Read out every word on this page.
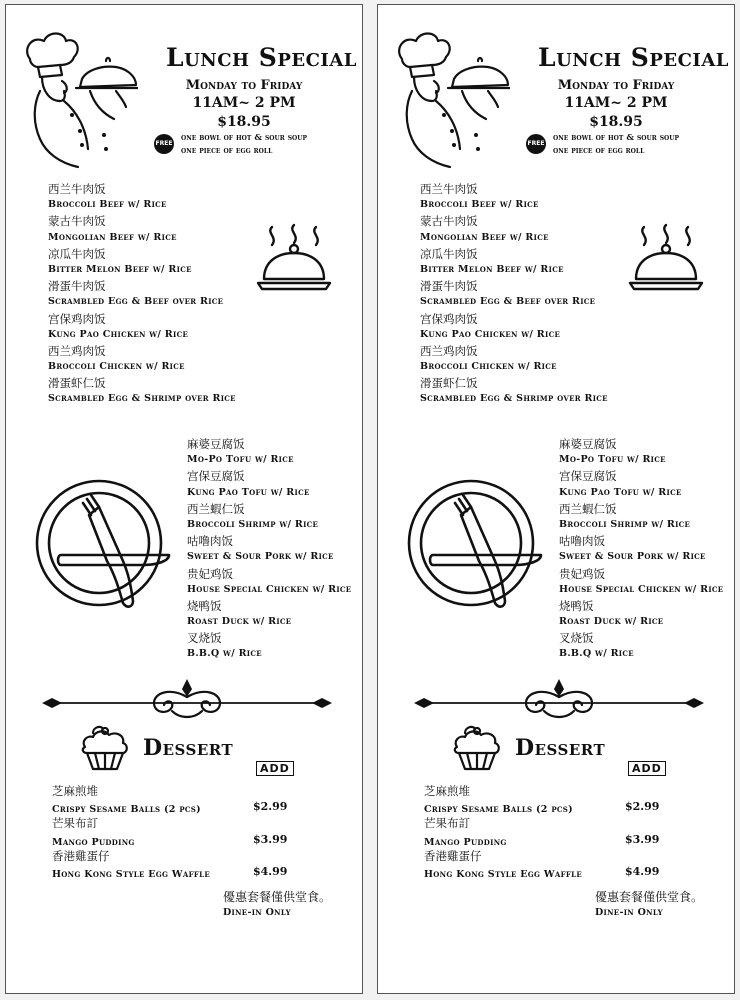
Lunch Special
Monday to Friday
11AM~ 2 PM
$18.95
FREE
one bowl of hot & sour soup
one piece of egg roll
西兰牛肉饭
Broccoli Beef w/ Rice
蒙古牛肉饭
Mongolian Beef w/ Rice
凉瓜牛肉饭
Bitter Melon Beef w/ Rice
滑蛋牛肉饭
Scrambled Egg & Beef over Rice
宫保鸡肉饭
Kung Pao Chicken w/ Rice
西兰鸡肉饭
Broccoli Chicken w/ Rice
滑蛋虾仁饭
Scrambled Egg & Shrimp over Rice
麻婆豆腐饭
Mo-Po Tofu w/ Rice
宫保豆腐饭
Kung Pao Tofu w/ Rice
西兰蝦仁饭
Broccoli Shrimp w/ Rice
咕噜肉饭
Sweet & Sour Pork w/ Rice
贵妃鸡饭
House Special Chicken w/ Rice
烧鸭饭
Roast Duck w/ Rice
叉烧饭
B.B.Q w/ Rice
Dessert
ADD
芝麻煎堆
Crispy Sesame Balls (2 pcs)	$2.99
芒果布訂
Mango Pudding	$3.99
香港雞蛋仔
Hong Kong Style Egg Waffle	$4.99
優惠套餐僅供堂食。
Dine-in Only
Lunch Special
Monday to Friday
11AM~ 2 PM
$18.95
FREE
one bowl of hot & sour soup
one piece of egg roll
西兰牛肉饭
Broccoli Beef w/ Rice
蒙古牛肉饭
Mongolian Beef w/ Rice
凉瓜牛肉饭
Bitter Melon Beef w/ Rice
滑蛋牛肉饭
Scrambled Egg & Beef over Rice
宫保鸡肉饭
Kung Pao Chicken w/ Rice
西兰鸡肉饭
Broccoli Chicken w/ Rice
滑蛋虾仁饭
Scrambled Egg & Shrimp over Rice
麻婆豆腐饭
Mo-Po Tofu w/ Rice
宫保豆腐饭
Kung Pao Tofu w/ Rice
西兰蝦仁饭
Broccoli Shrimp w/ Rice
咕噜肉饭
Sweet & Sour Pork w/ Rice
贵妃鸡饭
House Special Chicken w/ Rice
烧鸭饭
Roast Duck w/ Rice
叉烧饭
B.B.Q w/ Rice
Dessert
ADD
芝麻煎堆
Crispy Sesame Balls (2 pcs)	$2.99
芒果布訂
Mango Pudding	$3.99
香港雞蛋仔
Hong Kong Style Egg Waffle	$4.99
優惠套餐僅供堂食。
Dine-in Only
